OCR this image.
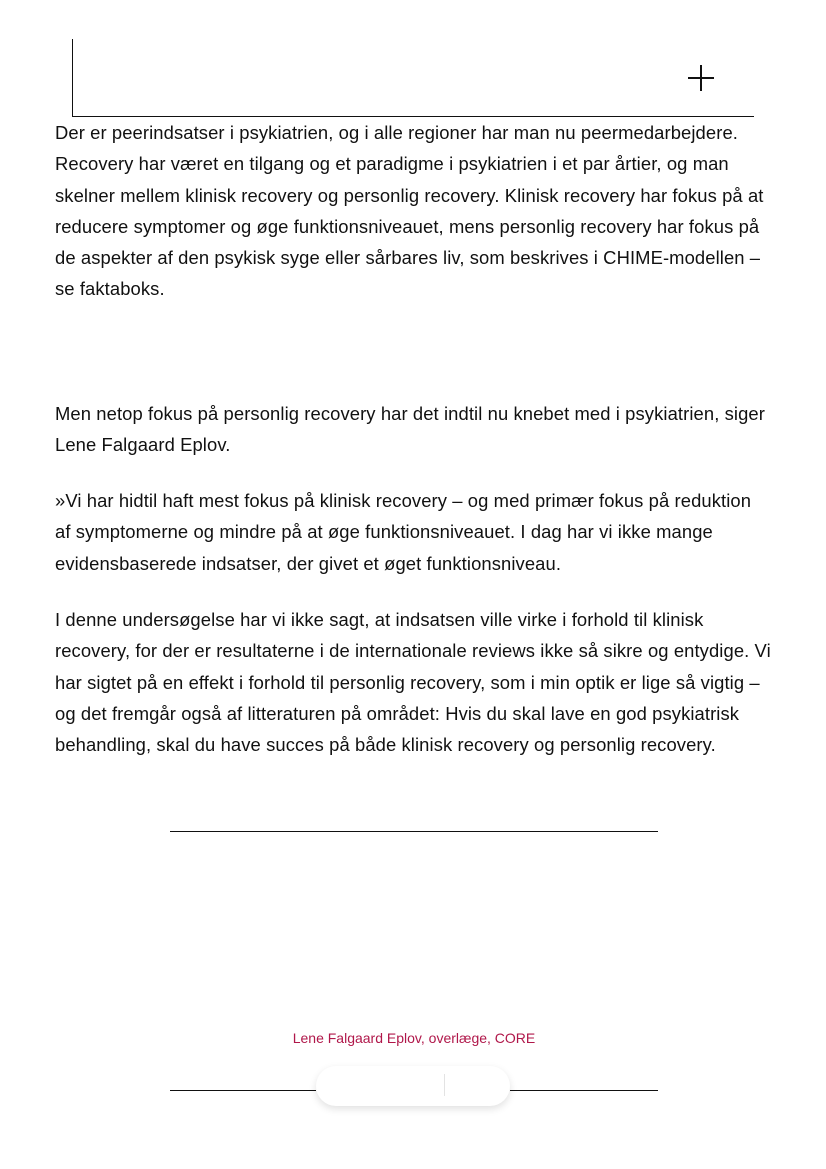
Der er peerindsatser i psykiatrien, og i alle regioner har man nu peermedarbejdere. Recovery har været en tilgang og et paradigme i psykiatrien i et par årtier, og man skelner mellem klinisk recovery og personlig recovery. Klinisk recovery har fokus på at reducere symptomer og øge funktionsniveauet, mens personlig recovery har fokus på de aspekter af den psykisk syge eller sårbares liv, som beskrives i CHIME-modellen – se faktaboks.

Men netop fokus på personlig recovery har det indtil nu knebet med i psykiatrien, siger Lene Falgaard Eplov.

»Vi har hidtil haft mest fokus på klinisk recovery – og med primær fokus på reduktion af symptomerne og mindre på at øge funktionsniveauet. I dag har vi ikke mange evidensbaserede indsatser, der givet et øget funktionsniveau.

I denne undersøgelse har vi ikke sagt, at indsatsen ville virke i forhold til klinisk recovery, for der er resultaterne i de internationale reviews ikke så sikre og entydige. Vi har sigtet på en effekt i forhold til personlig recovery, som i min optik er lige så vigtig – og det fremgår også af litteraturen på området: Hvis du skal lave en god psykiatrisk behandling, skal du have succes på både klinisk recovery og personlig recovery.

Lene Falgaard Eplov, overlæge, CORE
